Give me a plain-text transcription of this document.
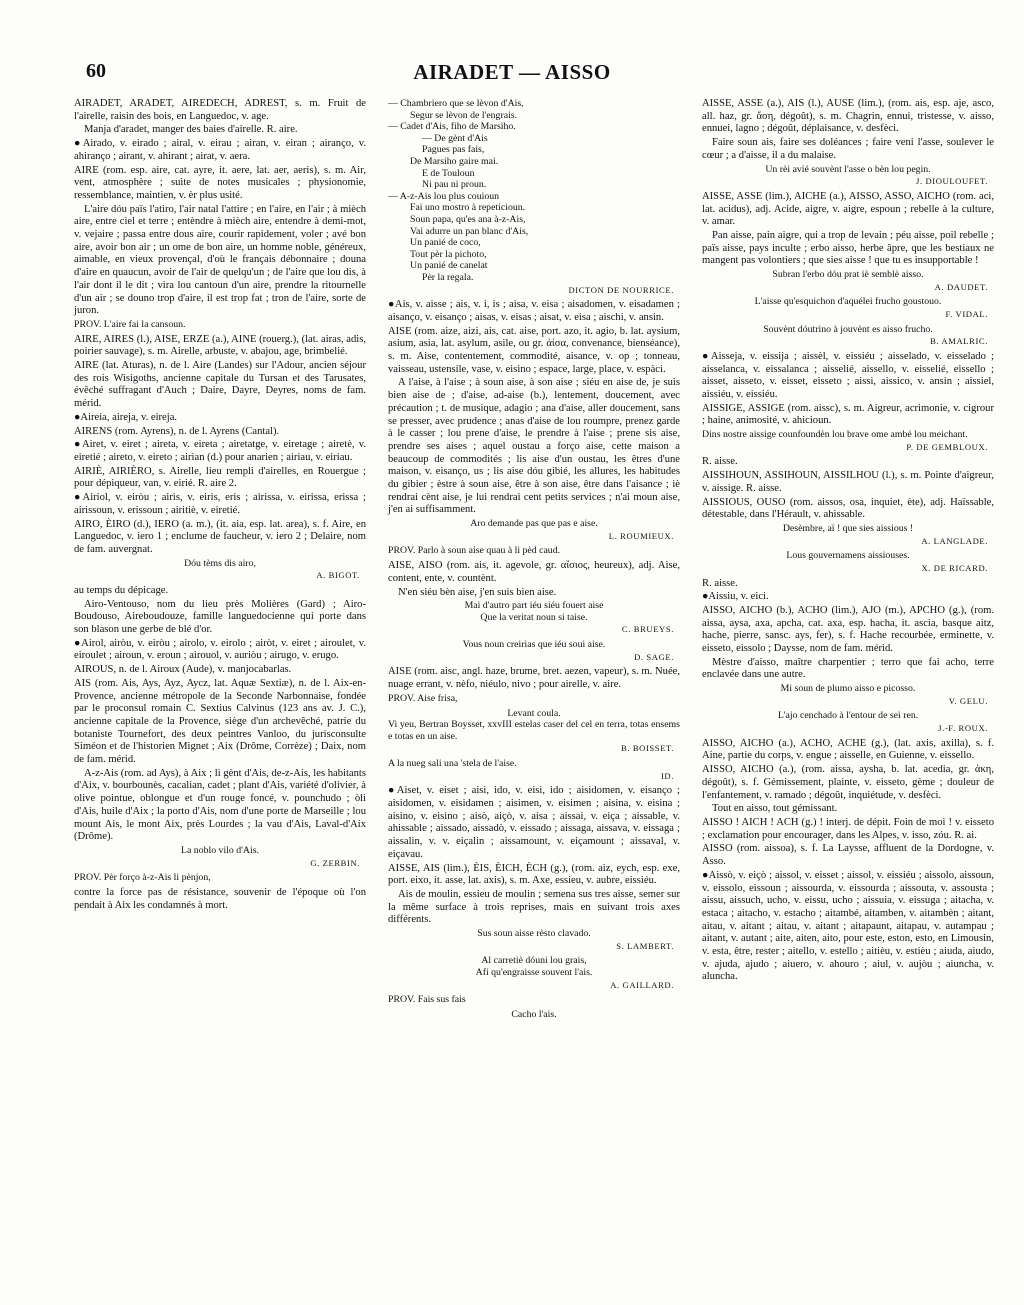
60	AIRADET — AISSO

AIRADET, ARADET, AIREDECH, ADREST, s. m. Fruit de l'airelle, raisin des bois, en Languedoc, v. age.

Manja d'aradet, manger des baies d'airelle. R. aire.

●Airado, v. eirado ; airal, v. eirau ; airan, v. eiran ; airanço, v. ahiranço ; airant, v. ahirant ; airat, v. aera.

AIRE (rom. esp. aire, cat. ayre, it. aere, lat. aer, aeris), s. m. Air, vent, atmosphère ; suite de notes musicales ; physionomie, ressemblance, maintien, v. èr plus usité.

L'aire dóu païs l'atiro, l'air natal l'attire ; en l'aire, en l'air ; à mièch aire, entre ciel et terre ; entèndre à mièch aire, entendre à demi-mot, v. vejaire ; passa entre dous aire, courir rapidement, voler ; avé bon aire, avoir bon air ; un ome de bon aire, un homme noble, généreux, aimable, en vieux provençal, d'où le français débonnaire ; douna d'aire en quaucun, avoir de l'air de quelqu'un ; de l'aire que lou dis, à l'air dont il le dit ; vira lou cantoun d'un aire, prendre la ritournelle d'un air ; se douno trop d'aire, il est trop fat ; tron de l'aire, sorte de juron.

PROV. L'aire fai la cansoun.

AIRE, AIRES (l.), AISE, ERZE (a.), AINE (rouerg.), (lat. airas, adis, poirier sauvage), s. m. Airelle, arbuste, v. abajou, age, brimbelié.

AIRE (lat. Aturas), n. de l. Aire (Landes) sur l'Adour, ancien séjour des rois Wisigoths, ancienne capitale du Tursan et des Tarusates, évêché suffragant d'Auch ; Daire, Dayre, Deyres, noms de fam. mérid.

●Aireia, aireja, v. eireja.

AIRENS (rom. Ayrens), n. de l. Ayrens (Cantal).

●Airet, v. eiret ; aireta, v. eireta ; airetatge, v. eiretage ; airetè, v. eiretié ; aireto, v. eireto ; airian (d.) pour anarien ; airiau, v. eiriau.

AIRIÈ, AIRIÈRO, s. Airelle, lieu rempli d'airelles, en Rouergue ; pour dépiqueur, van, v. eirié. R. aire 2.

●Airiol, v. eiròu ; airis, v. eiris, eris ; airissa, v. eirissa, erissa ; airissoun, v. erissoun ; airitiè, v. eiretié.

AIRO, ÈIRO (d.), IERO (a. m.), (it. aia, esp. lat. area), s. f. Aire, en Languedoc, v. iero 1 ; enclume de faucheur, v. iero 2 ; Delaire, nom de fam. auvergnat.

Dóu tèms dis airo,

A. BIGOT.

au temps du dépicage.

Airo-Ventouso, nom du lieu près Molières (Gard) ; Airo-Boudouso, Aireboudouze, famille languedocienne qui porte dans son blason une gerbe de blé d'or.

●Airol, airòu, v. eiròu ; airolo, v. eirolo ; airòt, v. eiret ; airoulet, v. eiroulet ; airoun, v. eroun ; airouol, v. auriòu ; airugo, v. erugo.

AIROUS, n. de l. Airoux (Aude), v. manjocabarlas.

AIS (rom. Ais, Ays, Ayz, Aycz, lat. Aquæ Sextiæ), n. de l. Aix-en-Provence, ancienne métropole de la Seconde Narbonnaise, fondée par le proconsul romain C. Sextius Calvinus (123 ans av. J. C.), ancienne capitale de la Provence, siège d'un archevêché, patrie du botaniste Tournefort, des deux peintres Vanloo, du jurisconsulte Siméon et de l'historien Mignet ; Aix (Drôme, Corrèze) ; Daix, nom de fam. mérid.

A-z-Ais (rom. ad Ays), à Aix ; li gènt d'Ais, de-z-Ais, les habitants d'Aix, v. bourbounès, cacalian, cadet ; plant d'Ais, variété d'olivier, à olive pointue, oblongue et d'un rouge foncé, v. pounchudo ; òli d'Ais, huile d'Aix ; la porto d'Ais, nom d'une porte de Marseille ; lou mount Ais, le mont Aix, près Lourdes ; la vau d'Ais, Laval-d'Aix (Drôme).

La noblo vilo d'Ais.

G. ZERBIN.

PROV. Pèr forço à-z-Ais li pènjon,

contre la force pas de résistance, souvenir de l'époque où l'on pendait à Aix les condamnés à mort.

— Chambriero que se lèvon d'Ais,

Segur se lèvon de l'engrais.

— Cadet d'Ais, fiho de Marsiho.

— De gènt d'Ais

Pagues pas fais,

De Marsiho gaire mai.

E de Touloun

Ni pau ni proun.

— A-z-Ais lou plus couioun

Fai uno mostro à repeticioun.

Soun papa, qu'es ana à-z-Ais,

Vai adurre un pan blanc d'Ais,

Un panié de coco,

Tout pèr la pichoto,

Un panié de canelat

Pèr la regala.

DICTON DE NOURRICE.

●Ais, v. aisse ; ais, v. i, is ; aisa, v. eisa ; aisadomen, v. eisadamen ; aisanço, v. eisanço ; aisas, v. eisas ; aisat, v. eisa ; aischi, v. ansin.

AISE (rom. aize, aizi, ais, cat. aise, port. azo, it. agio, b. lat. aysium, asium, asia, lat. asylum, asile, ou gr. ἀίσα, convenance, bienséance), s. m. Aise, contentement, commodité, aisance, v. op ; tonneau, vaisseau, ustensile, vase, v. eisino ; espace, large, place, v. espàci.

A l'aise, à l'aise ; à soun aise, à son aise ; siéu en aise de, je suis bien aise de ; d'aise, ad-aise (b.), lentement, doucement, avec précaution ; t. de musique, adagio ; ana d'aise, aller doucement, sans se presser, avec prudence ; anas d'aise de lou roumpre, prenez garde à le casser ; lou prene d'aise, le prendre à l'aise ; prene sis aise, prendre ses aises ; aquel oustau a forço aise, cette maison a beaucoup de commodités ; lis aise d'un oustau, les êtres d'une maison, v. eisanço, us ; lis aise dóu gibié, les allures, les habitudes du gibier ; èstre à soun aise, être à son aise, être dans l'aisance ; iè rendrai cènt aise, je lui rendrai cent petits services ; n'ai moun aise, j'en ai suffisamment.

Aro demande pas que pas e aise.

L. ROUMIEUX.

PROV. Parlo à soun aise quau à li pèd caud.

AISE, AISO (rom. ais, it. agevole, gr. αἴσιος, heureux), adj. Aise, content, ente, v. countènt.

N'en siéu bèn aise, j'en suis bien aise.

Mai d'autro part iéu siéu fouert aise

Que la veritat noun si taise.

C. BRUEYS.

Vous noun creirias que iéu soui aise.

D. SAGE.

AISE (rom. aisc, angl. haze, brume, bret. aezen, vapeur), s. m. Nuée, nuage errant, v. nèfo, niéulo, nivo ; pour airelle, v. aire.

PROV. Aise frisa,

Levant coula.

Vi yeu, Bertran Boysset, xxvIII estelas caser del cel en terra, totas ensems e totas en un aise.

B. BOISSET.

A la nueg sali una 'stela de l'aise.

ID.

●Aiset, v. eiset ; aisi, ido, v. eisi, ido ; aisidomen, v. eisanço ; aisidomen, v. eisidamen ; aisimen, v. eisimen ; aisina, v. eisina ; aisino, v. eisino ; aisò, aiçò, v. aisa ; aissai, v. eiça ; aissable, v. ahissable ; aissado, aissadò, v. eissado ; aissaga, aissava, v. eissaga ; aissalin, v. v. eiçalin ; aissamount, v. eiçamount ; aissaval, v. eiçavau.

AISSE, AIS (lim.), ÈIS, ÈICH, ÈCH (g.), (rom. aiz, eych, esp. exe, port. eixo, it. asse, lat. axis), s. m. Axe, essieu, v. aubre, eissiéu.

Ais de moulin, essieu de moulin ; semena sus tres aisse, semer sur la même surface à trois reprises, mais en suivant trois axes différents.

Sus soun aisse rèsto clavado.

S. LAMBERT.

Al carretiè dóuni lou grais,

Afi qu'engraisse souvent l'ais.

A. GAILLARD.

PROV. Fais sus fais

Cacho l'ais.

AISSE, ASSE (a.), AIS (l.), AUSE (lim.), (rom. ais, esp. aje, asco, all. haz, gr. ἄση, dégoût), s. m. Chagrin, ennui, tristesse, v. aisso, ennuei, lagno ; dégoût, déplaisance, v. desfèci.

Faire soun ais, faire ses doléances ; faire veni l'asse, soulever le cœur ; a d'aisse, il a du malaise.

Un rèi avié souvènt l'asse o bèn lou pegin.

J. DIOULOUFET.

AISSE, ASSE (lim.), AICHE (a.), AISSO, ASSO, AICHO (rom. aci, lat. acidus), adj. Acide, aigre, v. aigre, espoun ; rebelle à la culture, v. amar.

Pan aisse, pain aigre, qui a trop de levain ; péu aisse, poil rebelle ; païs aisse, pays inculte ; erbo aisso, herbe âpre, que les bestiaux ne mangent pas volontiers ; que sies aisse ! que tu es insupportable !

Subran l'erbo dóu prat iè semblè aisso.

A. DAUDET.

L'aisse qu'esquichon d'aquélei frucho goustouo.

F. VIDAL.

Souvènt dóutrino à jouvènt es aisso frucho.

B. AMALRIC.

●Aisseja, v. eissija ; aissèl, v. eissiéu ; aisselado, v. eisselado ; aisselanca, v. eissalanca ; aisselié, aissello, v. eisselié, eissello ; aisset, aisseto, v. eisset, eisseto ; aissi, aissico, v. ansin ; aissiel, aissiéu, v. eissiéu.

AISSIGE, ASSIGE (rom. aissc), s. m. Aigreur, acrimonie, v. cigrour ; haine, animosité, v. ahicioun.

Dins nostre aissige counfoundèn lou brave ome ambé lou meichant.

P. DE GEMBLOUX.

R. aisse.

AISSIHOUN, ASSIHOUN, AISSILHOU (l.), s. m. Pointe d'aigreur, v. aissige. R. aisse.

AISSIOUS, OUSO (rom. aissos, osa, inquiet, ète), adj. Haïssable, détestable, dans l'Hérault, v. ahissable.

Desèmbre, aï ! que sies aissious !

A. LANGLADE.

Lous gouvernamens aissiouses.

X. DE RICARD.

R. aisse.

●Aissiu, v. eici.

AISSO, AICHO (b.), ACHO (lim.), AJO (m.), APCHO (g.), (rom. aissa, aysa, axa, apcha, cat. axa, esp. hacha, it. ascia, basque aitz, hache, pierre, sansc. ays, fer), s. f. Hache recourbée, erminette, v. eisseto, eissolo ; Daysse, nom de fam. mérid.

Mèstre d'aisso, maître charpentier ; terro que fai acho, terre enclavée dans une autre.

Mi soun de plumo aisso e picosso.

V. GELU.

L'ajo cenchado à l'entour de sei ren.

J.-F. ROUX.

AISSO, AICHO (a.), ACHO, ACHE (g.), (lat. axis, axilla), s. f. Aine, partie du corps, v. engue ; aisselle, en Guienne, v. eissello.

AISSO, AICHO (a.), (rom. aissa, aysha, b. lat. acedia, gr. ἀκη, dégoût), s. f. Gémissement, plainte, v. eisseto, gème ; douleur de l'enfantement, v. ramado ; dégoût, inquiétude, v. desfèci.

Tout en aisso, tout gémissant.

AISSO ! AICH ! ACH (g.) ! interj. de dépit. Foin de moi ! v. eisseto ; exclamation pour encourager, dans les Alpes, v. isso, zóu. R. ai.

AISSO (rom. aissoa), s. f. La Laysse, affluent de la Dordogne, v. Asso.

●Aissò, v. eiçò ; aissol, v. eisset ; aissol, v. eissiéu ; aissolo, aissoun, v. eissolo, eissoun ; aissourda, v. eissourda ; aissouta, v. assousta ; aissu, aissuch, ucho, v. eissu, ucho ; aissuia, v. eissuga ; aitacha, v. estaca ; aitacho, v. estacho ; aitambé, aitamben, v. aitambèn ; aitant, aitau, v. aitant ; aitau, v. aitant ; aitapaunt, aitapau, v. autampau ; aitant, v. autant ; aite, aiten, aito, pour este, eston, esto, en Limousin, v. esta, être, rester ; aitello, v. estello ; aitièu, v. estièu ; aiuda, aiudo, v. ajuda, ajudo ; aiuero, v. ahouro ; aiul, v. aujòu ; aiuncha, v. aluncha.
